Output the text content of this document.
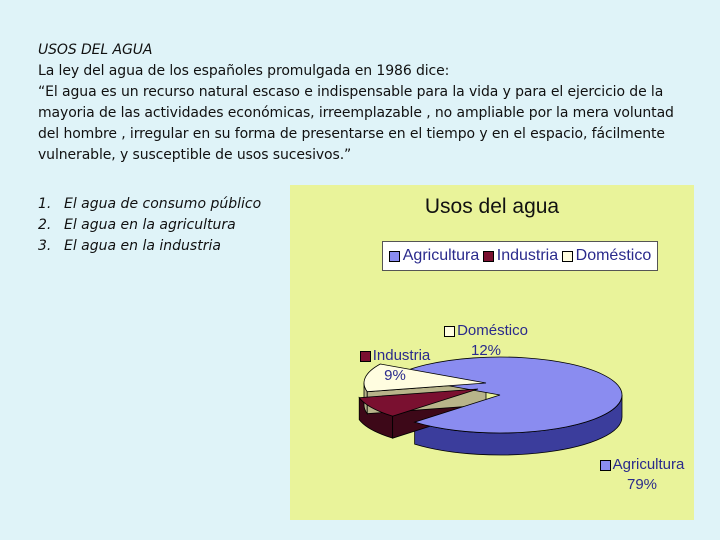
USOS DEL AGUA
La ley del agua de los españoles promulgada en 1986 dice:
“El agua es un recurso natural escaso e indispensable para la vida y para el ejercicio de la mayoria de las actividades económicas, irreemplazable , no ampliable por la mera voluntad del hombre , irregular en su forma de presentarse en el tiempo y en el espacio, fácilmente vulnerable, y susceptible de usos sucesivos.”
1. El agua de consumo público
2. El agua en la agricultura
3. El agua en la industria
Usos del agua
Agricultura Industria Doméstico
Doméstico
12%
Industria
9%
Agricultura
79%
